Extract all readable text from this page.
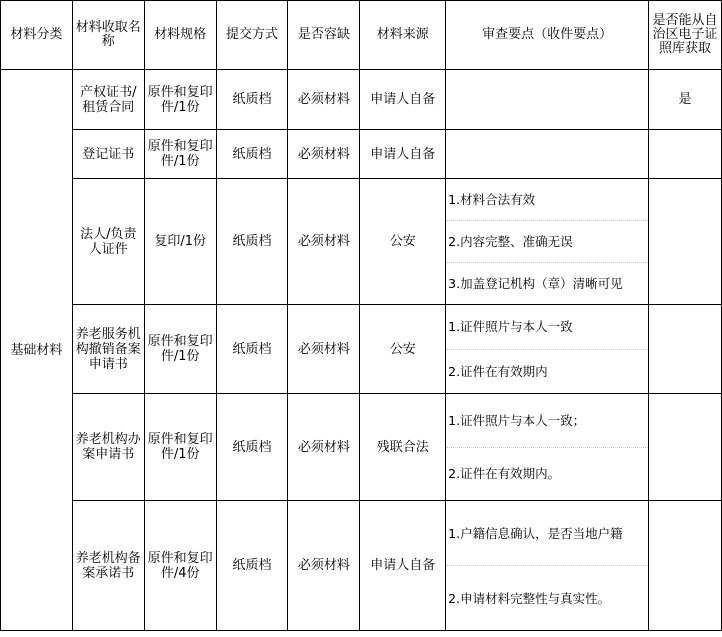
材料分类	材料收取名称	材料规格	提交方式	是否容缺	材料来源	审查要点（收件要点）	是否能从自治区电子证照库获取
基础材料	产权证书/租赁合同	原件和复印件/1份	纸质档	必须材料	申请人自备		是
	登记证书	原件和复印件/1份	纸质档	必须材料	申请人自备		
	法人/负责人证件	复印/1份	纸质档	必须材料	公安	1.材料合法有效
2.内容完整、准确无误
3.加盖登记机构（章）清晰可见	

	养老服务机构撤销备案申请书	原件和复印件/1份	纸质档	必须材料	公安	1.证件照片与本人一致
2.证件在有效期内	

	养老机构办案申请书	原件和复印件/1份	纸质档	必须材料	残联合法	1.证件照片与本人一致；
2.证件在有效期内。	

	养老机构备案承诺书	原件和复印件/4份	纸质档	必须材料	申请人自备	1.户籍信息确认，是否当地户籍
2.申请材料完整性与真实性。	
